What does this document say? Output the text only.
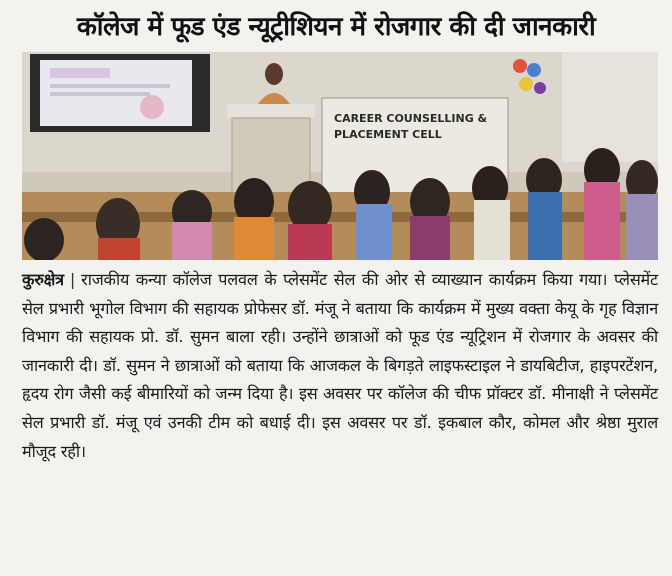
कॉलेज में फूड एंड न्यूट्रीशियन में रोजगार की दी जानकारी
CAREER COUNSELLING &
PLACEMENT CELL
कुरुक्षेत्र | राजकीय कन्या कॉलेज पलवल के प्लेसमेंट सेल की ओर से व्याख्यान कार्यक्रम किया गया। प्लेसमेंट सेल प्रभारी भूगोल विभाग की सहायक प्रोफेसर डॉ. मंजू ने बताया कि कार्यक्रम में मुख्य वक्ता केयू के गृह विज्ञान विभाग की सहायक प्रो. डॉ. सुमन बाला रही। उन्होंने छात्राओं को फूड एंड न्यूट्रिशन में रोजगार के अवसर की जानकारी दी। डॉ. सुमन ने छात्राओं को बताया कि आजकल के बिगड़ते लाइफस्टाइल ने डायबिटीज, हाइपरटेंशन, हृदय रोग जैसी कई बीमारियों को जन्म दिया है। इस अवसर पर कॉलेज की चीफ प्रॉक्टर डॉ. मीनाक्षी ने प्लेसमेंट सेल प्रभारी डॉ. मंजू एवं उनकी टीम को बधाई दी। इस अवसर पर डॉ. इकबाल कौर, कोमल और श्रेष्ठा मुराल मौजूद रही।
